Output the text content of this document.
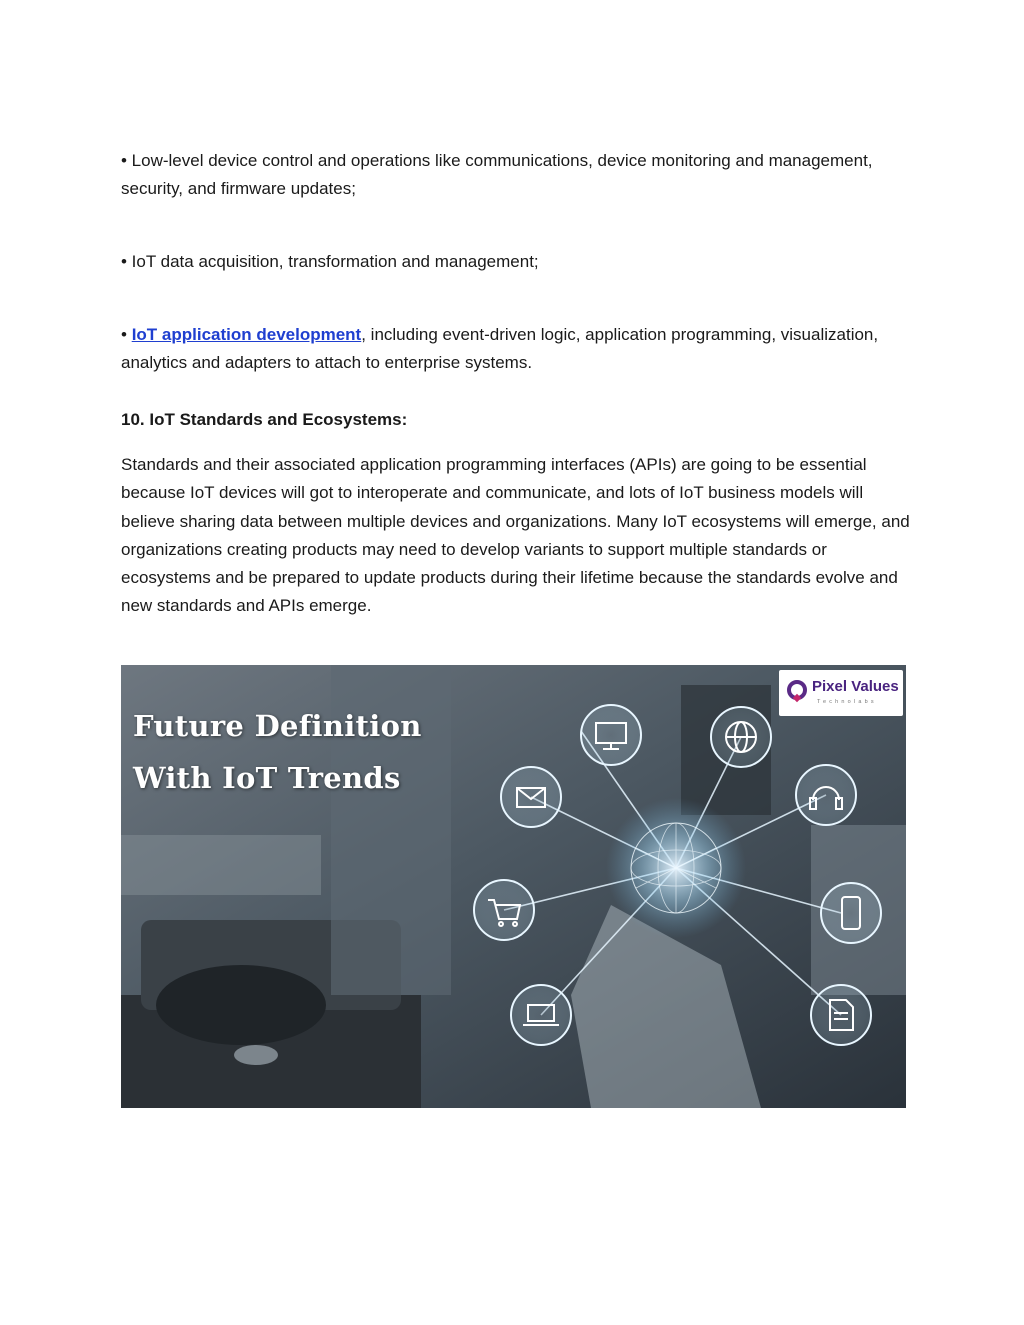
• Low-level device control and operations like communications, device monitoring and management, security, and firmware updates;

• IoT data acquisition, transformation and management;

• IoT application development, including event-driven logic, application programming, visualization, analytics and adapters to attach to enterprise systems.

10. IoT Standards and Ecosystems:

Standards and their associated application programming interfaces (APIs) are going to be essential because IoT devices will got to interoperate and communicate, and lots of IoT business models will believe sharing data between multiple devices and organizations. Many IoT ecosystems will emerge, and organizations creating products may need to develop variants to support multiple standards or ecosystems and be prepared to update products during their lifetime because the standards evolve and new standards and APIs emerge.

Future Definition
With IoT Trends
Pixel Values
Technolabs
